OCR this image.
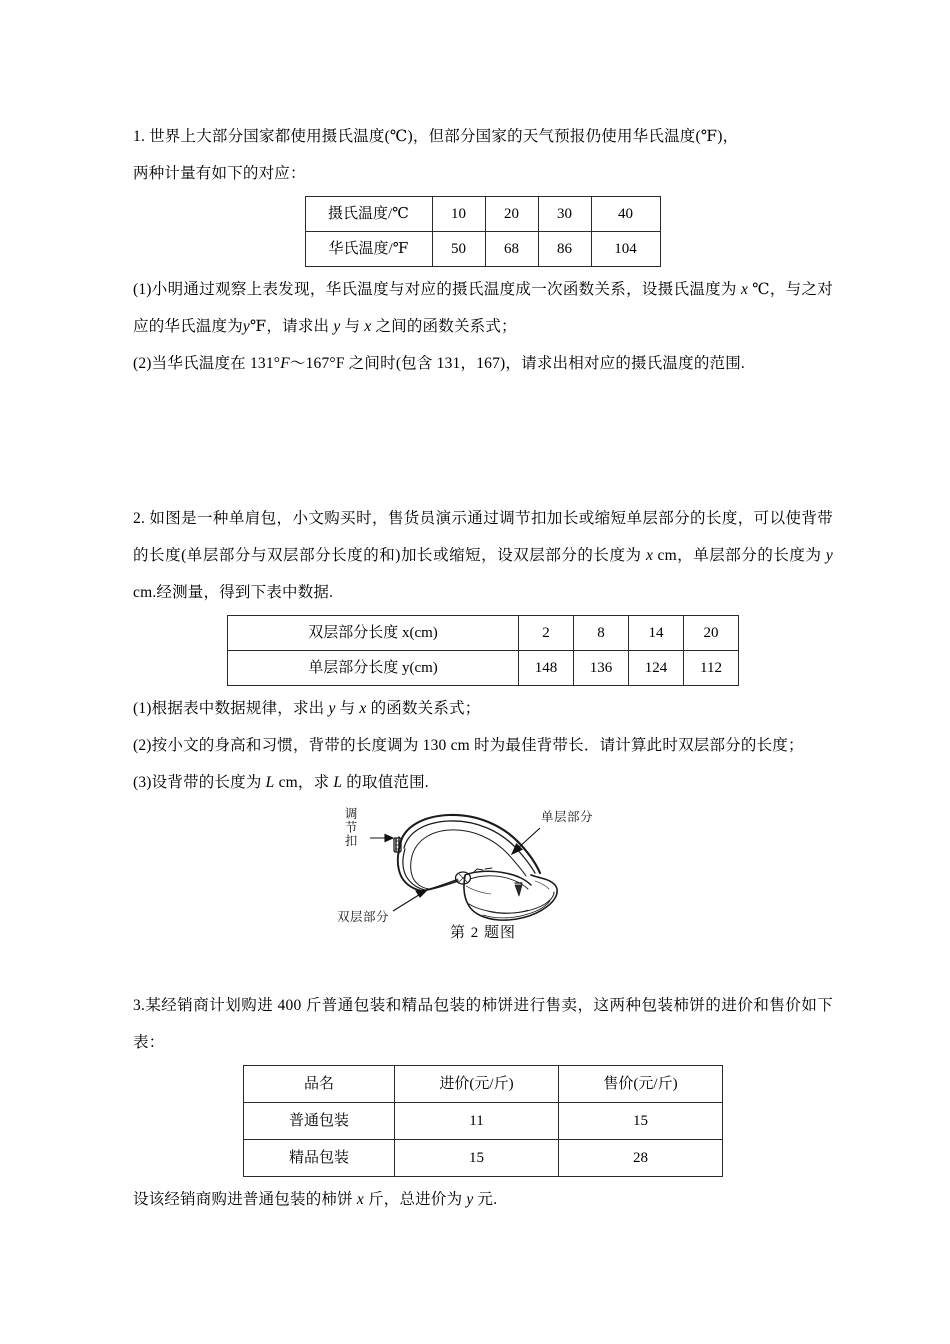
1. 世界上大部分国家都使用摄氏温度(℃)，但部分国家的天气预报仍使用华氏温度(℉)，
两种计量有如下的对应：

摄氏温度/℃	10	20	30	40
华氏温度/℉	50	68	86	104

(1)小明通过观察上表发现，华氏温度与对应的摄氏温度成一次函数关系，设摄氏温度为 x ℃，与之对应的华氏温度为y℉，请求出 y 与 x 之间的函数关系式；

(2)当华氏温度在 131°F～167°F 之间时(包含 131，167)，请求出相对应的摄氏温度的范围.

2. 如图是一种单肩包，小文购买时，售货员演示通过调节扣加长或缩短单层部分的长度，可以使背带的长度(单层部分与双层部分长度的和)加长或缩短，设双层部分的长度为 x cm，单层部分的长度为 y cm.经测量，得到下表中数据.

双层部分长度 x(cm)	2	8	14	20
单层部分长度 y(cm)	148	136	124	112

(1)根据表中数据规律，求出 y 与 x 的函数关系式；

(2)按小文的身高和习惯，背带的长度调为 130 cm 时为最佳背带长．请计算此时双层部分的长度；

(3)设背带的长度为 L cm，求 L 的取值范围.

调节扣	单层部分
双层部分
第 2 题图

3.某经销商计划购进 400 斤普通包装和精品包装的柿饼进行售卖，这两种包装柿饼的进价和售价如下表：

品名	进价(元/斤)	售价(元/斤)
普通包装	11	15
精品包装	15	28

设该经销商购进普通包装的柿饼 x 斤，总进价为 y 元.
